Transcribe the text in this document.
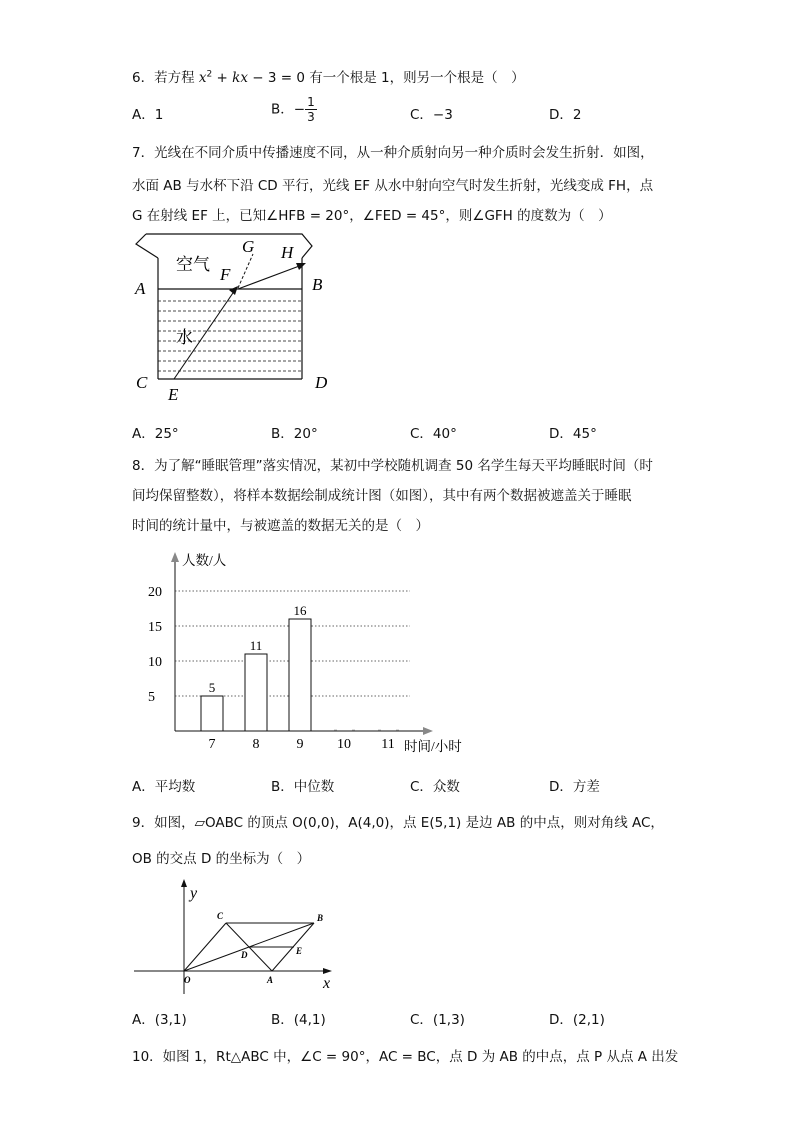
6．若方程 $x^2$ + kx − 3 = 0 有一个根是 1，则另一个根是（　）
A．1	B．− $\frac{1}{3}$	C．−3	D．2
7．光线在不同介质中传播速度不同，从一种介质射向另一种介质时会发生折射．如图，
水面 AB 与水杯下沿 CD 平行，光线 EF 从水中射向空气时发生折射，光线变成 FH，点
G 在射线 EF 上，已知∠HFB = 20°，∠FED = 45°，则∠GFH 的度数为（　）
空气
水
A	B
C	D
E
F
G H
A．25°	B．20°	C．40°	D．45°
8．为了解“睡眠管理”落实情况，某初中学校随机调查 50 名学生每天平均睡眠时间（时
间均保留整数），将样本数据绘制成统计图（如图），其中有两个数据被遮盖关于睡眠
时间的统计量中，与被遮盖的数据无关的是（　）
人数/人
时间/小时
5
10
15
20
5
11
16
7	8	9 10 11
A．平均数	B．中位数	C．众数	D．方差
9．如图，▱OABC 的顶点 O(0,0)，A(4,0)，点 E(5,1) 是边 AB 的中点，则对角线 AC，
OB 的交点 D 的坐标为（　）
y
x
O	A
B
C
D	E
A．(3,1)	B．(4,1)	C．(1,3)	D．(2,1)
10．如图 1，Rt△ABC 中，∠C = 90°，AC = BC，点 D 为 AB 的中点，点 P 从点 A 出发
